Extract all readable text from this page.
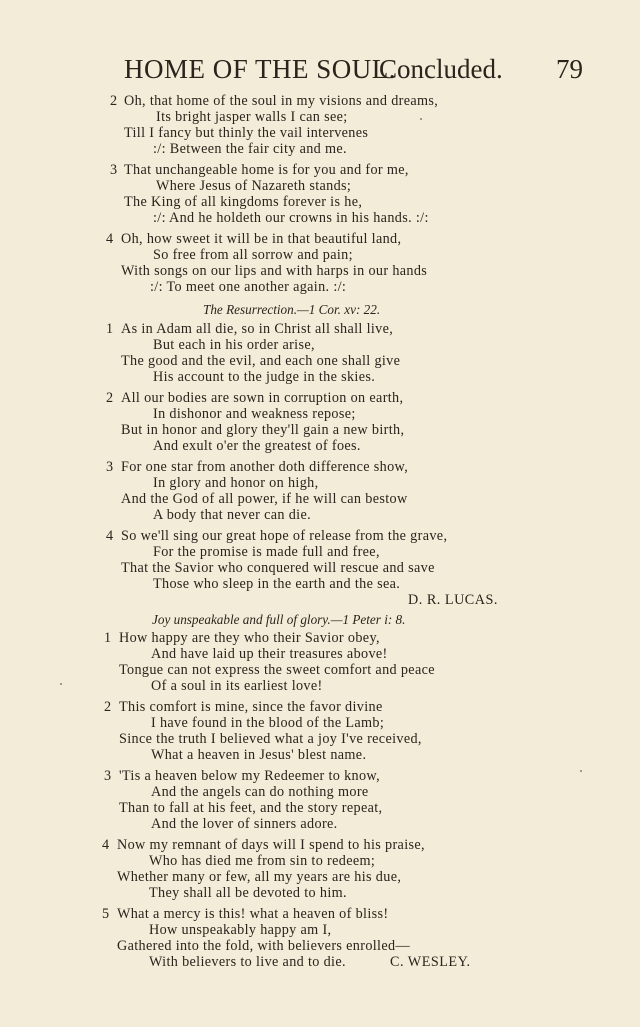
HOME OF THE SOUL.
Concluded. 79
2 Oh, that home of the soul in my visions and dreams,
Its bright jasper walls I can see;
Till I fancy but thinly the vail intervenes
:/: Between the fair city and me.
3 That unchangeable home is for you and for me,
Where Jesus of Nazareth stands;
The King of all kingdoms forever is he,
:/: And he holdeth our crowns in his hands. :/:
4 Oh, how sweet it will be in that beautiful land,
So free from all sorrow and pain;
With songs on our lips and with harps in our hands
:/: To meet one another again. :/:
The Resurrection.—1 Cor. xv: 22.
1 As in Adam all die, so in Christ all shall live,
But each in his order arise,
The good and the evil, and each one shall give
His account to the judge in the skies.
2 All our bodies are sown in corruption on earth,
In dishonor and weakness repose;
But in honor and glory they'll gain a new birth,
And exult o'er the greatest of foes.
3 For one star from another doth difference show,
In glory and honor on high,
And the God of all power, if he will can bestow
A body that never can die.
4 So we'll sing our great hope of release from the grave,
For the promise is made full and free,
That the Savior who conquered will rescue and save
Those who sleep in the earth and the sea.
D. R. LUCAS.
Joy unspeakable and full of glory.—1 Peter i: 8.
1 How happy are they who their Savior obey,
And have laid up their treasures above!
Tongue can not express the sweet comfort and peace
Of a soul in its earliest love!
2 This comfort is mine, since the favor divine
I have found in the blood of the Lamb;
Since the truth I believed what a joy I've received,
What a heaven in Jesus' blest name.
3 'Tis a heaven below my Redeemer to know,
And the angels can do nothing more
Than to fall at his feet, and the story repeat,
And the lover of sinners adore.
4 Now my remnant of days will I spend to his praise,
Who has died me from sin to redeem;
Whether many or few, all my years are his due,
They shall all be devoted to him.
5 What a mercy is this! what a heaven of bliss!
How unspeakably happy am I,
Gathered into the fold, with believers enrolled—
With believers to live and to die.	C. WESLEY.
